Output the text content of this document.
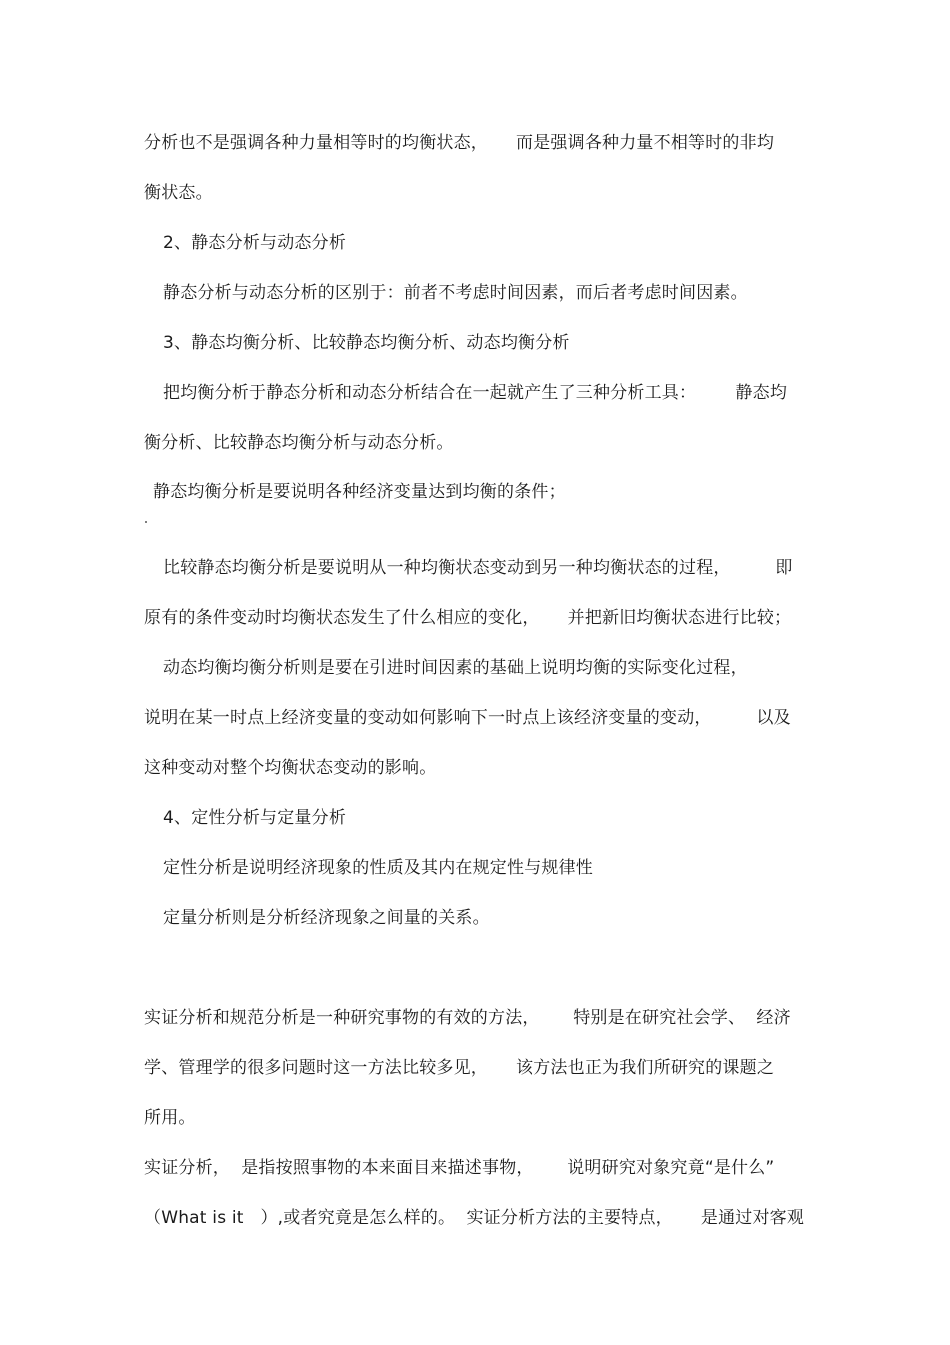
分析也不是强调各种力量相等时的均衡状态，     而是强调各种力量不相等时的非均
衡状态。
2、静态分析与动态分析
静态分析与动态分析的区别于：前者不考虑时间因素，而后者考虑时间因素。
3、静态均衡分析、比较静态均衡分析、动态均衡分析
把均衡分析于静态分析和动态分析结合在一起就产生了三种分析工具：       静态均
衡分析、比较静态均衡分析与动态分析。
静态均衡分析是要说明各种经济变量达到均衡的条件；
比较静态均衡分析是要说明从一种均衡状态变动到另一种均衡状态的过程，        即
原有的条件变动时均衡状态发生了什么相应的变化，     并把新旧均衡状态进行比较；
动态均衡均衡分析则是要在引进时间因素的基础上说明均衡的实际变化过程，
说明在某一时点上经济变量的变动如何影响下一时点上该经济变量的变动，        以及
这种变动对整个均衡状态变动的影响。
4、定性分析与定量分析
定性分析是说明经济现象的性质及其内在规定性与规律性
定量分析则是分析经济现象之间量的关系。
实证分析和规范分析是一种研究事物的有效的方法，      特别是在研究社会学、  经济
学、管理学的很多问题时这一方法比较多见，     该方法也正为我们所研究的课题之
所用。
实证分析，  是指按照事物的本来面目来描述事物，      说明研究对象究竟“是什么”
（What is it   ）,或者究竟是怎么样的。  实证分析方法的主要特点，     是通过对客观
